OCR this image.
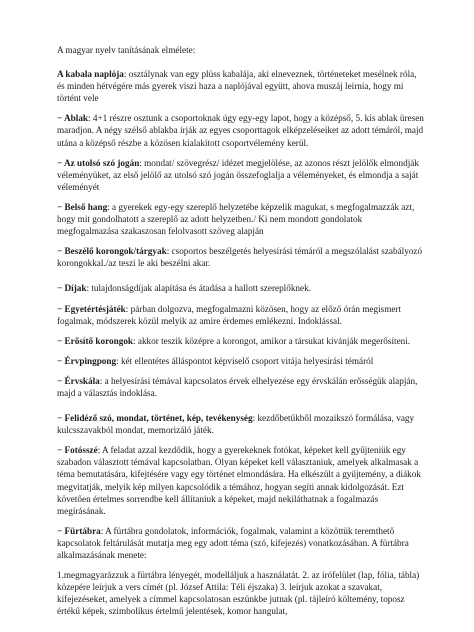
A magyar nyelv tanításának elmélete:

A kabala naplója: osztálynak van egy plüss kabalája, aki elneveznek, történeteket mesélnek róla, és minden hétvégére más gyerek viszi haza a naplójával együtt, ahova muszáj leírnia, hogy mi történt vele

− Ablak: 4+1 részre osztunk a csoportoknak úgy egy-egy lapot, hogy a középső, 5. kis ablak üresen maradjon. A négy szélső ablakba írják az egyes csoporttagok elképzeléseiket az adott témáról, majd utána a középső részbe a közösen kialakított csoportvélemény kerül.

− Az utolsó szó jogán: mondat/ szövegrész/ idézet megjelölése, az azonos részt jelölők elmondják véleményüket, az első jelölő az utolsó szó jogán összefoglalja a véleményeket, és elmondja a saját véleményét

− Belső hang: a gyerekek egy-egy szereplő helyzetébe képzelik magukat, s megfogalmazzák azt, hogy mit gondolhatott a szereplő az adott helyzetben./ Ki nem mondott gondolatok megfogalmazása szakaszosan felolvasott szöveg alapján

− Beszélő korongok/tárgyak: csoportos beszélgetés helyesírási témáról a megszólalást szabályozó korongokkal./az teszi le aki beszélni akar.

− Díjak: tulajdonságdíjak alapítása és átadása a hallott szereplőknek.

− Egyetértésjáték: párban dolgozva, megfogalmazni közösen, hogy az előző órán megismert fogalmak, módszerek közül melyik az amire érdemes emlékezni. Indoklással.

− Erősítő korongok: akkor teszik középre a korongot, amikor a társukat kívánják megerősíteni.

− Érvpingpong: két ellentétes álláspontot képviselő csoport vitája helyesírási témáról

− Érvskála: a helyesírási témával kapcsolatos érvek elhelyezése egy érvskálán erősségük alapján, majd a választás indoklása.

− Felidéző szó, mondat, történet, kép, tevékenység: kezdőbetűkből mozaikszó formálása, vagy kulcsszavakból mondat, memorizáló játék.

− Fotósszé: A feladat azzal kezdődik, hogy a gyerekeknek fotókat, képeket kell gyűjteniük egy szabadon választott témával kapcsolatban. Olyan képeket kell választaniuk, amelyek alkalmasak a téma bemutatására, kifejtésére vagy egy történet elmondására. Ha elkészült a gyűjtemény, a diákok megvitatják, melyik kép milyen kapcsolódik a témához, hogyan segíti annak kidolgozását. Ezt követően értelmes sorrendbe kell állítaniuk a képeket, majd nekiláthatnak a fogalmazás megírásának.

− Fürtábra: A fürtábra gondolatok, információk, fogalmak, valamint a közöttük teremthető kapcsolatok feltárulását mutatja meg egy adott téma (szó, kifejezés) vonatkozásában. A fürtábra alkalmazásának menete:

1.megmagyarázzuk a fürtábra lényegét, modelláljuk a használatát. 2. az írófelület (lap, fólia, tábla) közepére leírjuk a vers címét (pl. József Attila: Téli éjszaka) 3. leírjuk azokat a szavakat, kifejezéseket, amelyek a címmel kapcsolatosan eszünkbe jutnak (pl. tájleíró költemény, toposz értékű képek, szimbolikus értelmű jelentések, komor hangulat,
